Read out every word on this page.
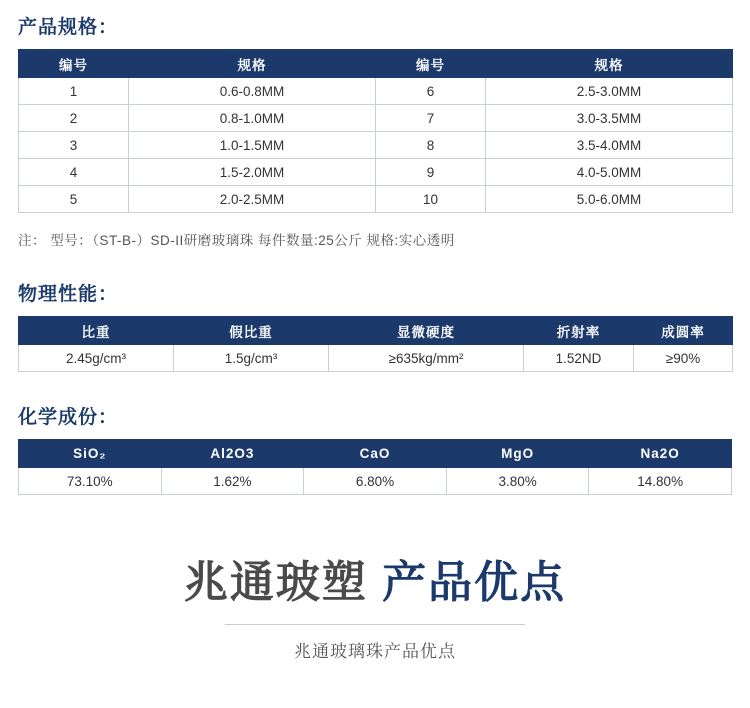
产品规格：
编号	规格	编号	规格
1	0.6-0.8MM	6	2.5-3.0MM
2	0.8-1.0MM	7	3.0-3.5MM
3	1.0-1.5MM	8	3.5-4.0MM
4	1.5-2.0MM	9	4.0-5.0MM
5	2.0-2.5MM	10	5.0-6.0MM
注： 型号：（ST-B-）SD-II研磨玻璃珠 每件数量:25公斤 规格:实心透明
物理性能：
比重	假比重	显微硬度	折射率	成圆率
2.45g/cm³	1.5g/cm³	≥635kg/mm²	1.52ND	≥90%
化学成份：
SiO₂	Al2O3	CaO	MgO	Na2O
73.10%	1.62%	6.80%	3.80%	14.80%
兆通玻塑 产品优点
兆通玻璃珠产品优点
